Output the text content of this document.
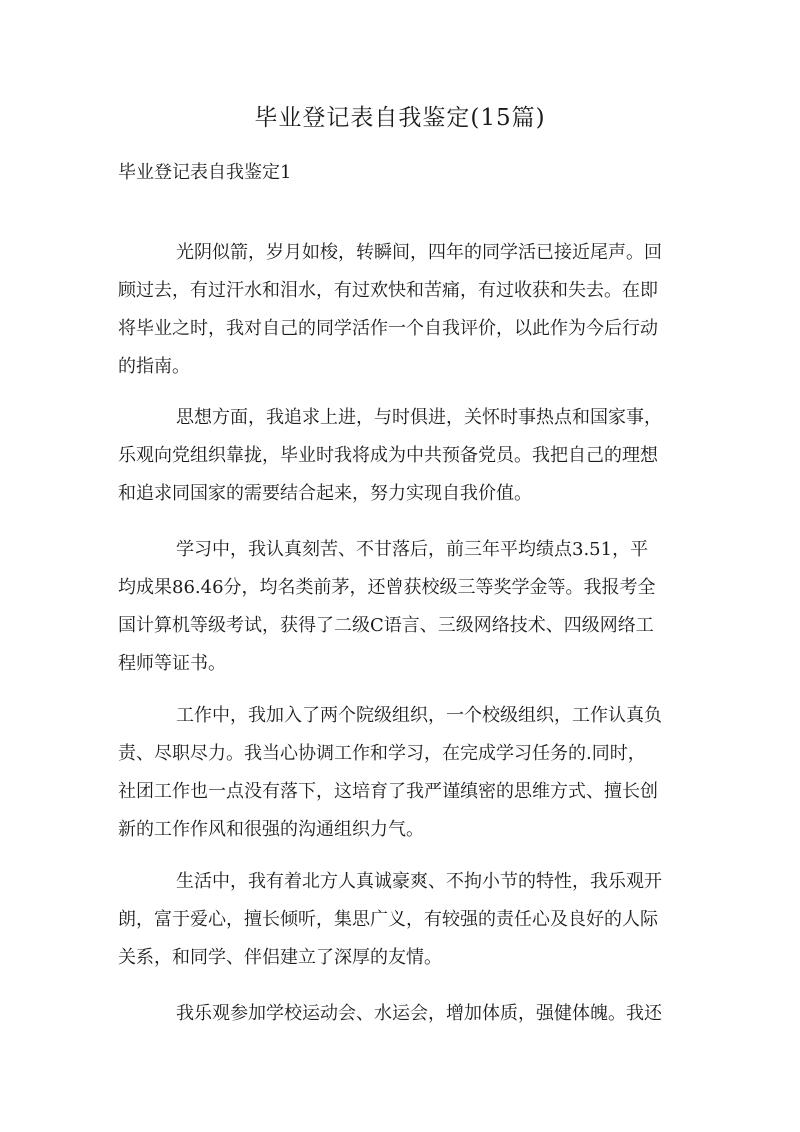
毕业登记表自我鉴定(15篇)

毕业登记表自我鉴定1

光阴似箭，岁月如梭，转瞬间，四年的同学活已接近尾声。回
顾过去，有过汗水和泪水，有过欢快和苦痛，有过收获和失去。在即
将毕业之时，我对自己的同学活作一个自我评价，以此作为今后行动
的指南。
思想方面，我追求上进，与时俱进，关怀时事热点和国家事，
乐观向党组织靠拢，毕业时我将成为中共预备党员。我把自己的理想
和追求同国家的需要结合起来，努力实现自我价值。
学习中，我认真刻苦、不甘落后，前三年平均绩点3.51，平
均成果86.46分，均名类前茅，还曾获校级三等奖学金等。我报考全
国计算机等级考试，获得了二级C语言、三级网络技术、四级网络工
程师等证书。
工作中，我加入了两个院级组织，一个校级组织，工作认真负
责、尽职尽力。我当心协调工作和学习，在完成学习任务的.同时，
社团工作也一点没有落下，这培育了我严谨缜密的思维方式、擅长创
新的工作作风和很强的沟通组织力气。
生活中，我有着北方人真诚豪爽、不拘小节的特性，我乐观开
朗，富于爱心，擅长倾听，集思广义，有较强的责任心及良好的人际
关系，和同学、伴侣建立了深厚的友情。
我乐观参加学校运动会、水运会，增加体质，强健体魄。我还
